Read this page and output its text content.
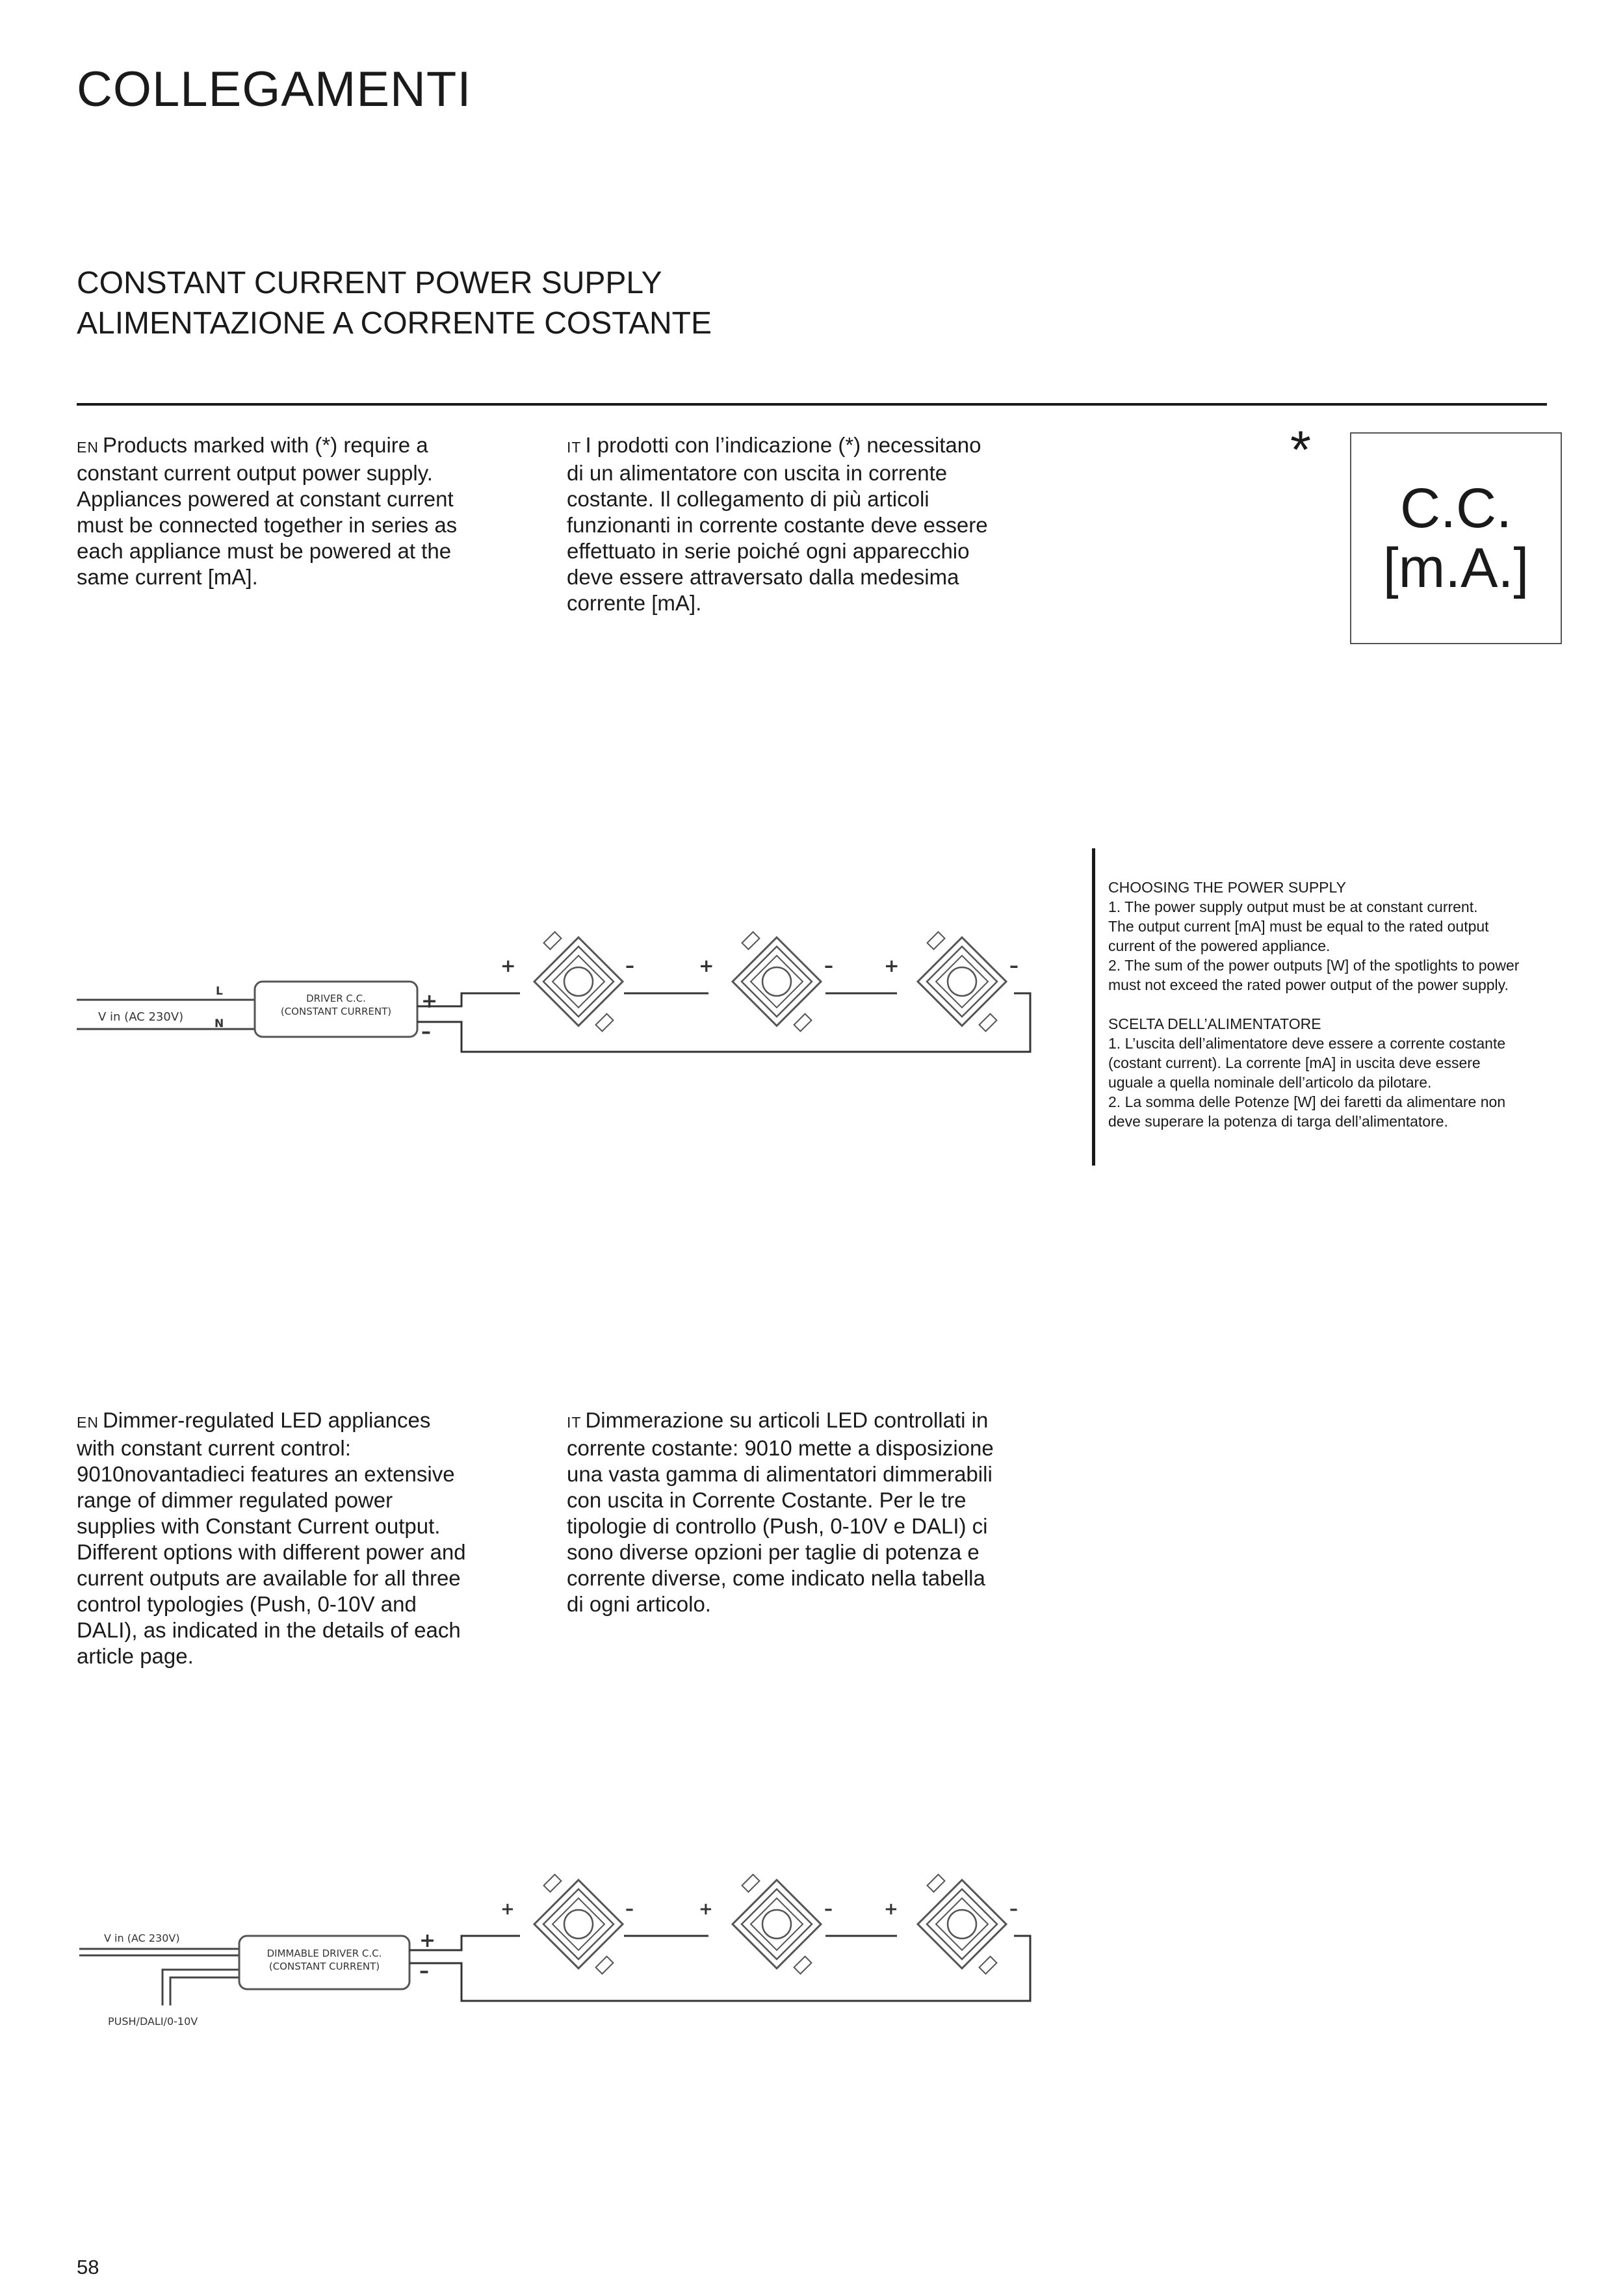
COLLEGAMENTI
CONSTANT CURRENT POWER SUPPLY
ALIMENTAZIONE A CORRENTE COSTANTE
EN Products marked with (*) require a
constant current output power supply.
Appliances powered at constant current
must be connected together in series as
each appliance must be powered at the
same current [mA].
IT I prodotti con l’indicazione (*) necessitano
di un alimentatore con uscita in corrente
costante. Il collegamento di più articoli
funzionanti in corrente costante deve essere
effettuato in serie poiché ogni apparecchio
deve essere attraversato dalla medesima
corrente [mA].
*
C.C.
[m.A.]
V in (AC 230V)
L
N
DRIVER C.C.
(CONSTANT CURRENT) +
–
+	–	+	–	+	–

CHOOSING THE POWER SUPPLY

1. The power supply output must be at constant current.

The output current [mA] must be equal to the rated output

current of the powered appliance.

2. The sum of the power outputs [W] of the spotlights to power

must not exceed the rated power output of the power supply.

SCELTA DELL’ALIMENTATORE

1. L’uscita dell’alimentatore deve essere a corrente costante

(costant current). La corrente [mA] in uscita deve essere

uguale a quella nominale dell’articolo da pilotare.

2. La somma delle Potenze [W] dei faretti da alimentare non

deve superare la potenza di targa dell’alimentatore.

EN Dimmer-regulated LED appliances
with constant current control:
9010novantadieci features an extensive
range of dimmer regulated power
supplies with Constant Current output.
Different options with different power and
current outputs are available for all three
control typologies (Push, 0-10V and
DALI), as indicated in the details of each
article page.
IT Dimmerazione su articoli LED controllati in
corrente costante: 9010 mette a disposizione
una vasta gamma di alimentatori dimmerabili
con uscita in Corrente Costante. Per le tre
tipologie di controllo (Push, 0-10V e DALI) ci
sono diverse opzioni per taglie di potenza e
corrente diverse, come indicato nella tabella
di ogni articolo.
V in (AC 230V)
PUSH/DALI/0-10V
DIMMABLE DRIVER C.C.
(CONSTANT CURRENT)
+
–
+	–	+	–	+	–
58
